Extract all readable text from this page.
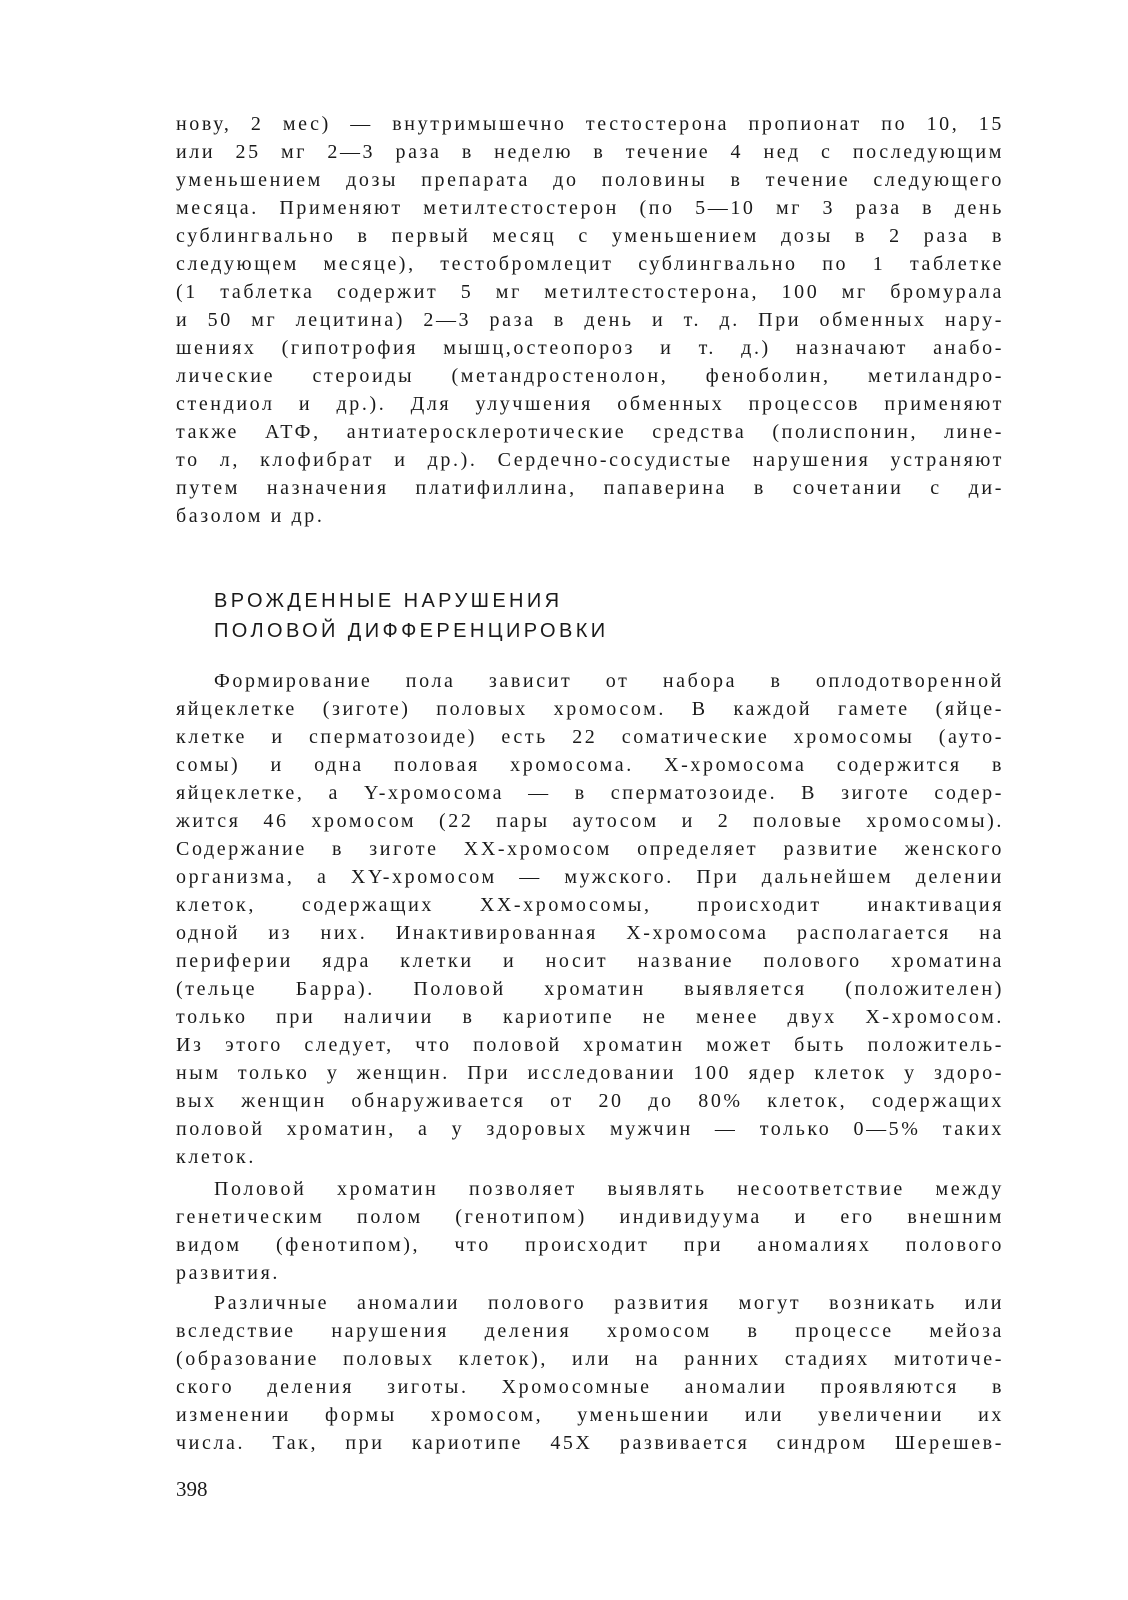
нову, 2 мес) — внутримышечно тестостерона пропионат по 10, 15
или 25 мг 2—3 раза в неделю в течение 4 нед с последующим
уменьшением дозы препарата до половины в течение следующего
месяца. Применяют метилтестостерон (по 5—10 мг 3 раза в день
сублингвально в первый месяц с уменьшением дозы в 2 раза в
следующем месяце), тестобромлецит сублингвально по 1 таблетке
(1 таблетка содержит 5 мг метилтестостерона, 100 мг бромурала
и 50 мг лецитина) 2—3 раза в день и т. д. При обменных нару-
шениях (гипотрофия мышц,остеопороз и т. д.) назначают анабо-
лические стероиды (метандростенолон, феноболин, метиландро-
стендиол и др.). Для улучшения обменных процессов применяют
также АТФ, антиатеросклеротические средства (полиспонин, лине-
то л, клофибрат и др.). Сердечно-сосудистые нарушения устраняют
путем назначения платифиллина, папаверина в сочетании с ди-
базолом и др.
ВРОЖДЕННЫЕ НАРУШЕНИЯ
ПОЛОВОЙ ДИФФЕРЕНЦИРОВКИ
Формирование пола зависит от набора в оплодотворенной
яйцеклетке (зиготе) половых хромосом. В каждой гамете (яйце-
клетке и сперматозоиде) есть 22 соматические хромосомы (ауто-
сомы) и одна половая хромосома. Х-хромосома содержится в
яйцеклетке, а Y-хромосома — в сперматозоиде. В зиготе содер-
жится 46 хромосом (22 пары аутосом и 2 половые хромосомы).
Содержание в зиготе XX-хромосом определяет развитие женского
организма, а XY-хромосом — мужского. При дальнейшем делении
клеток, содержащих XX-хромосомы, происходит инактивация
одной из них. Инактивированная Х-хромосома располагается на
периферии ядра клетки и носит название полового хроматина
(тельце Барра). Половой хроматин выявляется (положителен)
только при наличии в кариотипе не менее двух Х-хромосом.
Из этого следует, что половой хроматин может быть положитель-
ным только у женщин. При исследовании 100 ядер клеток у здоро-
вых женщин обнаруживается от 20 до 80% клеток, содержащих
половой хроматин, а у здоровых мужчин — только 0—5% таких
клеток.
Половой хроматин позволяет выявлять несоответствие между
генетическим полом (генотипом) индивидуума и его внешним
видом (фенотипом), что происходит при аномалиях полового
развития.
Различные аномалии полового развития могут возникать или
вследствие нарушения деления хромосом в процессе мейоза
(образование половых клеток), или на ранних стадиях митотиче-
ского деления зиготы. Хромосомные аномалии проявляются в
изменении формы хромосом, уменьшении или увеличении их
числа. Так, при кариотипе 45Х развивается синдром Шерешев-
398
